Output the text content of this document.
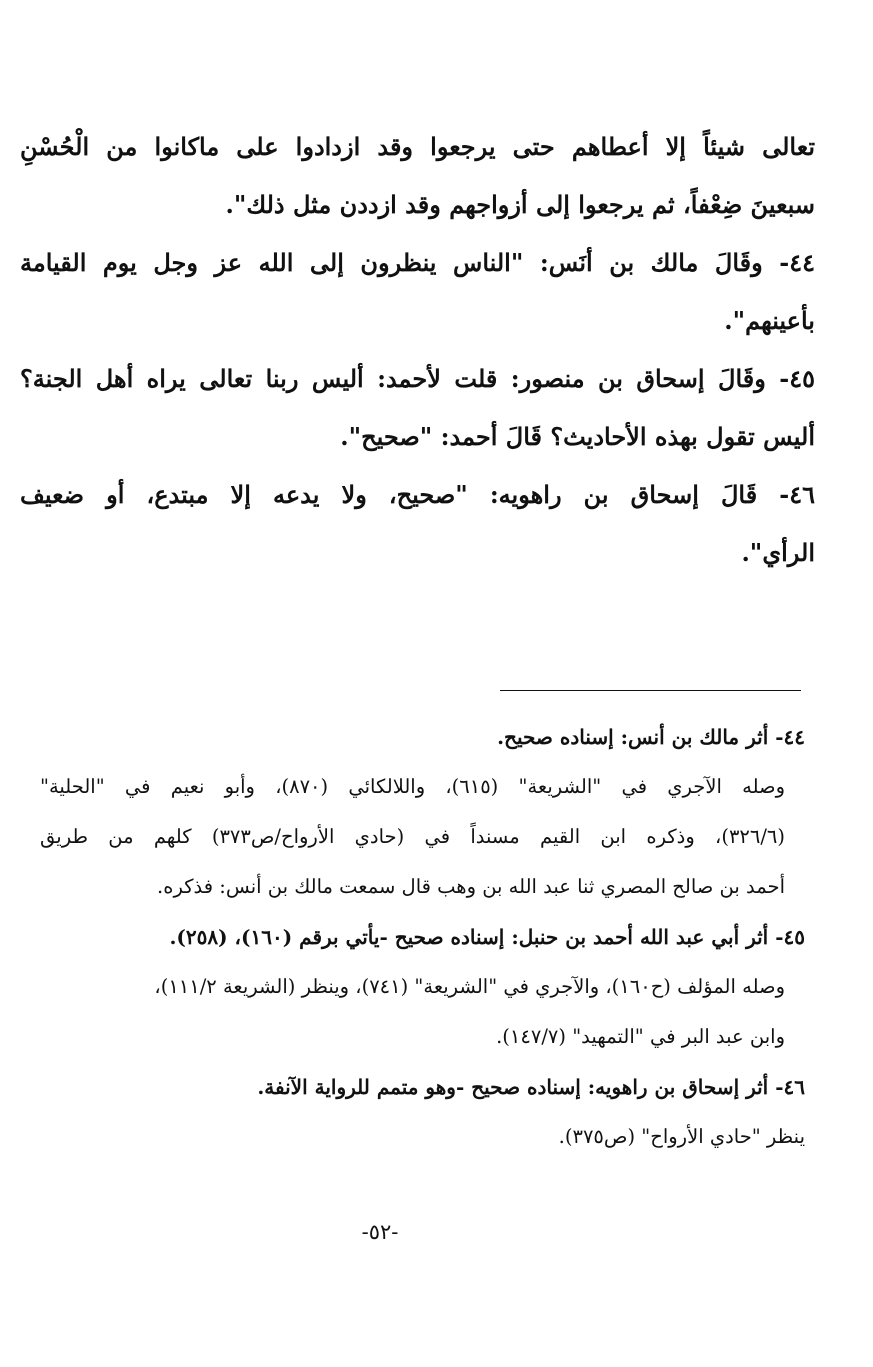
تعالى شيئاً إلا أعطاهم حتى يرجعوا وقد ازدادوا على ماكانوا من الْحُسْنِ
سبعينَ ضِعْفاً، ثم يرجعوا إلى أزواجهم وقد ازددن مثل ذلك".
٤٤- وقَالَ مالك بن أنَس: "الناس ينظرون إلى الله عز وجل يوم القيامة
بأعينهم".
٤٥- وقَالَ إسحاق بن منصور: قلت لأحمد: أليس ربنا تعالى يراه أهل الجنة؟
أليس تقول بهذه الأحاديث؟ قَالَ أحمد: "صحيح".
٤٦- قَالَ إسحاق بن راهويه: "صحيح، ولا يدعه إلا مبتدع، أو ضعيف
الرأي".
٤٤- أثر مالك بن أنس: إسناده صحيح.
وصله الآجري في "الشريعة" (٦١٥)، واللالكائي (٨٧٠)، وأبو نعيم في "الحلية"
(٣٢٦/٦)، وذكره ابن القيم مسنداً في (حادي الأرواح/ص٣٧٣) كلهم من طريق
أحمد بن صالح المصري ثنا عبد الله بن وهب قال سمعت مالك بن أنس: فذكره.
٤٥- أثر أبي عبد الله أحمد بن حنبل: إسناده صحيح -يأتي برقم (١٦٠)، (٢٥٨).
وصله المؤلف (ح١٦٠)، والآجري في "الشريعة" (٧٤١)، وينظر (الشريعة ١١١/٢)،
وابن عبد البر في "التمهيد" (١٤٧/٧).
٤٦- أثر إسحاق بن راهويه: إسناده صحيح -وهو متمم للرواية الآنفة.
ينظر "حادي الأرواح" (ص٣٧٥).
-٥٢-
